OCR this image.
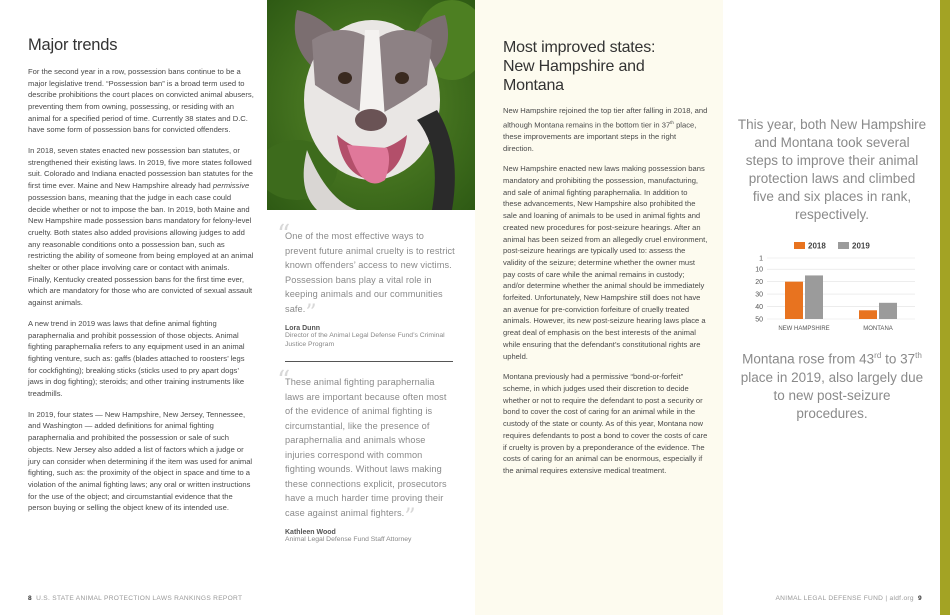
Major trends

For the second year in a row, possession bans continue to be a major legislative trend. “Possession ban” is a broad term used to describe prohibitions the court places on convicted animal abusers, preventing them from owning, possessing, or residing with an animal for a specified period of time. Currently 38 states and D.C. have some form of possession bans for convicted offenders.

In 2018, seven states enacted new possession ban statutes, or strengthened their existing laws. In 2019, five more states followed suit. Colorado and Indiana enacted possession ban statutes for the first time ever. Maine and New Hampshire already had permissive possession bans, meaning that the judge in each case could decide whether or not to impose the ban. In 2019, both Maine and New Hampshire made possession bans mandatory for felony-level cruelty. Both states also added provisions allowing judges to add any reasonable conditions onto a possession ban, such as restricting the ability of someone from being employed at an animal shelter or other place involving care or contact with animals. Finally, Kentucky created possession bans for the first time ever, which are mandatory for those who are convicted of sexual assault against animals.

A new trend in 2019 was laws that define animal fighting paraphernalia and prohibit possession of those objects. Animal fighting paraphernalia refers to any equipment used in an animal fighting venture, such as: gaffs (blades attached to roosters’ legs for cockfighting); breaking sticks (sticks used to pry apart dogs’ jaws in dog fighting); steroids; and other training instruments like treadmills.

In 2019, four states — New Hampshire, New Jersey, Tennessee, and Washington — added definitions for animal fighting paraphernalia and prohibited the possession or sale of such objects. New Jersey also added a list of factors which a judge or jury can consider when determining if the item was used for animal fighting, such as: the proximity of the object in space and time to a violation of the animal fighting laws; any oral or written instructions for the use of the object; and circumstantial evidence that the person buying or selling the object knew of its intended use.

“
One of the most effective ways to prevent future animal cruelty is to restrict known offenders’ access to new victims. Possession bans play a vital role in keeping animals and our communities safe.”
Lora Dunn
Director of the Animal Legal Defense Fund’s Criminal Justice Program
“
These animal fighting paraphernalia laws are important because often most of the evidence of animal fighting is circumstantial, like the presence of paraphernalia and animals whose injuries correspond with common fighting wounds. Without laws making these connections explicit, prosecutors have a much harder time proving their case against animal fighters.”
Kathleen Wood
Animal Legal Defense Fund Staff Attorney
8 U.S. STATE ANIMAL PROTECTION LAWS RANKINGS REPORT
Most improved states:
New Hampshire and Montana

New Hampshire rejoined the top tier after falling in 2018, and although Montana remains in the bottom tier in 37th place, these improvements are important steps in the right direction.

New Hampshire enacted new laws making possession bans mandatory and prohibiting the possession, manufacturing, and sale of animal fighting paraphernalia. In addition to these advancements, New Hampshire also prohibited the sale and loaning of animals to be used in animal fights and created new procedures for post-seizure hearings. After an animal has been seized from an allegedly cruel environment, post-seizure hearings are typically used to: assess the validity of the seizure; determine whether the owner must pay costs of care while the animal remains in custody; and/or determine whether the animal should be immediately forfeited. Unfortunately, New Hampshire still does not have an avenue for pre-conviction forfeiture of cruelly treated animals. However, its new post-seizure hearing laws place a great deal of emphasis on the best interests of the animal while ensuring that the defendant’s constitutional rights are upheld.

Montana previously had a permissive “bond-or-forfeit” scheme, in which judges used their discretion to decide whether or not to require the defendant to post a security or bond to cover the cost of caring for an animal while in the custody of the state or county. As of this year, Montana now requires defendants to post a bond to cover the costs of care if cruelty is proven by a preponderance of the evidence. The costs of caring for an animal can be enormous, especially if the animal requires extensive medical treatment.

This year, both New Hampshire and Montana took several steps to improve their animal protection laws and climbed five and six places in rank, respectively.
2018	2019
1
10
20
30
40
50
NEW HAMPSHIRE	MONTANA
Montana rose from 43rd to 37th place in 2019, also largely due to new post-seizure procedures.
ANIMAL LEGAL DEFENSE FUND | aldf.org 9
